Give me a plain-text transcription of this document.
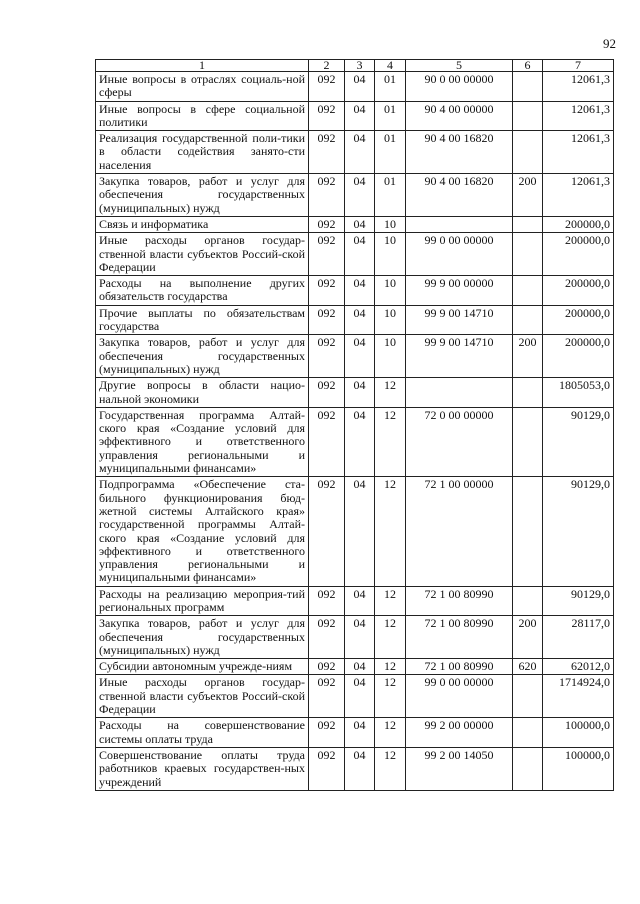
92
1	2	3	4	5	6	7
Иные вопросы в отраслях социаль-ной сферы	092	04	01	90 0 00 00000		12061,3
Иные вопросы в сфере социальной политики	092	04	01	90 4 00 00000		12061,3
Реализация государственной поли-тики в области содействия занято-сти населения	092	04	01	90 4 00 16820		12061,3
Закупка товаров, работ и услуг для обеспечения государственных (муниципальных) нужд	092	04	01	90 4 00 16820	200	12061,3
Связь и информатика	092	04	10			200000,0
Иные расходы органов государ-ственной власти субъектов Россий-ской Федерации	092	04	10	99 0 00 00000		200000,0
Расходы на выполнение других обязательств государства	092	04	10	99 9 00 00000		200000,0
Прочие выплаты по обязательствам государства	092	04	10	99 9 00 14710		200000,0
Закупка товаров, работ и услуг для обеспечения государственных (муниципальных) нужд	092	04	10	99 9 00 14710	200	200000,0
Другие вопросы в области нацио-нальной экономики	092	04	12			1805053,0
Государственная программа Алтай-ского края «Создание условий для эффективного и ответственного управления региональными и муниципальными финансами»	092	04	12	72 0 00 00000		90129,0
Подпрограмма «Обеспечение ста-бильного функционирования бюд-жетной системы Алтайского края» государственной программы Алтай-ского края «Создание условий для эффективного и ответственного управления региональными и муниципальными финансами»	092	04	12	72 1 00 00000		90129,0
Расходы на реализацию мероприя-тий региональных программ	092	04	12	72 1 00 80990		90129,0
Закупка товаров, работ и услуг для обеспечения государственных (муниципальных) нужд	092	04	12	72 1 00 80990	200	28117,0
Субсидии автономным учрежде-ниям	092	04	12	72 1 00 80990	620	62012,0
Иные расходы органов государ-ственной власти субъектов Россий-ской Федерации	092	04	12	99 0 00 00000		1714924,0
Расходы на совершенствование системы оплаты труда	092	04	12	99 2 00 00000		100000,0
Совершенствование оплаты труда работников краевых государствен-ных учреждений	092	04	12	99 2 00 14050		100000,0
